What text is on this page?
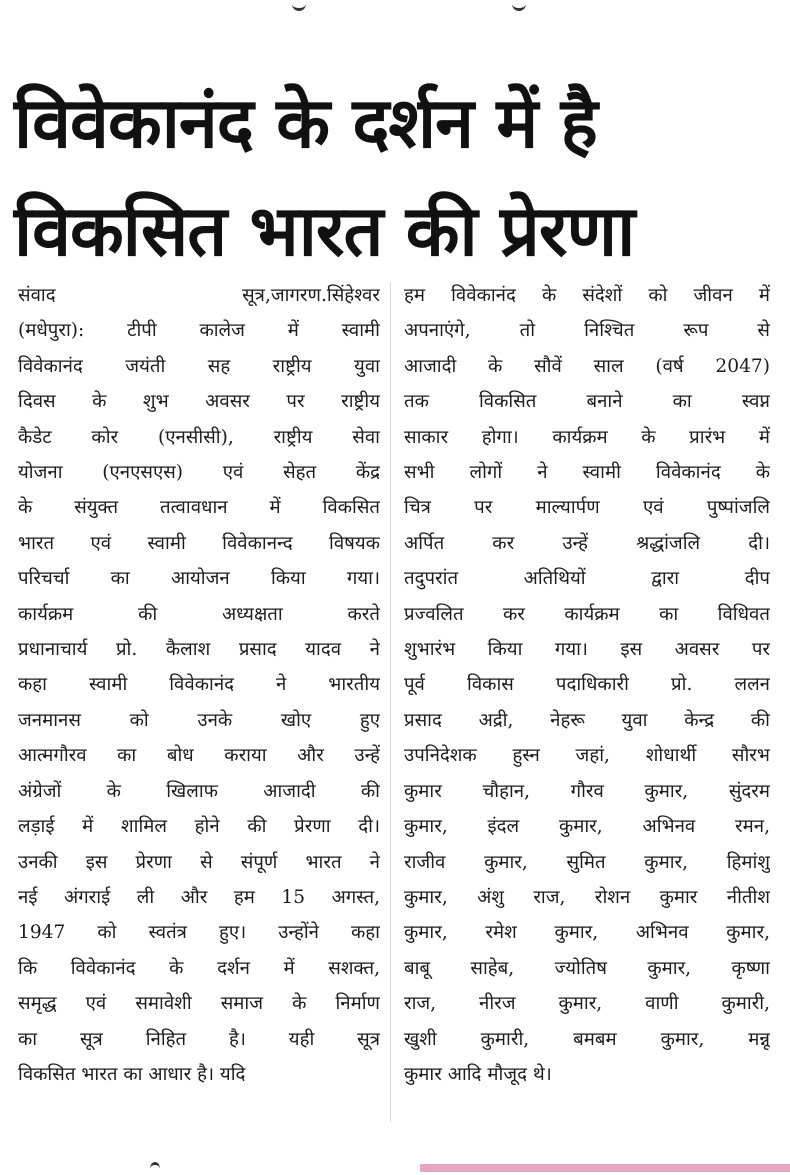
विवेकानंद के दर्शन में है
विकसित भारत की प्रेरणा
संवाद	सूत्र,जागरण.सिंहेश्वर
(मधेपुरा): टीपी कालेज में स्वामी
विवेकानंद जयंती सह राष्ट्रीय युवा
दिवस के शुभ अवसर पर राष्ट्रीय
कैडेट कोर (एनसीसी), राष्ट्रीय सेवा
योजना (एनएसएस) एवं सेहत केंद्र
के संयुक्त तत्वावधान में विकसित
भारत एवं स्वामी विवेकानन्द विषयक
परिचर्चा का आयोजन किया गया।
कार्यक्रम की अध्यक्षता करते
प्रधानाचार्य प्रो. कैलाश प्रसाद यादव ने
कहा स्वामी विवेकानंद ने भारतीय
जनमानस को उनके खोए हुए
आत्मगौरव का बोध कराया और उन्हें
अंग्रेजों के खिलाफ आजादी की
लड़ाई में शामिल होने की प्रेरणा दी।
उनकी इस प्रेरणा से संपूर्ण भारत ने
नई अंगराई ली और हम 15 अगस्त,
1947 को स्वतंत्र हुए। उन्होंने कहा
कि विवेकानंद के दर्शन में सशक्त,
समृद्ध एवं समावेशी समाज के निर्माण
का सूत्र निहित है। यही सूत्र
विकसित भारत का आधार है। यदि
हम विवेकानंद के संदेशों को जीवन में
अपनाएंगे, तो निश्चित रूप से
आजादी के सौवें साल (वर्ष 2047)
तक विकसित बनाने का स्वप्न
साकार होगा। कार्यक्रम के प्रारंभ में
सभी लोगों ने स्वामी विवेकानंद के
चित्र पर माल्यार्पण एवं पुष्पांजलि
अर्पित कर उन्हें श्रद्धांजलि दी।
तदुपरांत अतिथियों द्वारा दीप
प्रज्वलित कर कार्यक्रम का विधिवत
शुभारंभ किया गया। इस अवसर पर
पूर्व विकास पदाधिकारी प्रो. ललन
प्रसाद अद्री, नेहरू युवा केन्द्र की
उपनिदेशक हुस्न जहां, शोधार्थी सौरभ
कुमार चौहान, गौरव कुमार, सुंदरम
कुमार, इंदल कुमार, अभिनव रमन,
राजीव कुमार, सुमित कुमार, हिमांशु
कुमार, अंशु राज, रोशन कुमार नीतीश
कुमार, रमेश कुमार, अभिनव कुमार,
बाबू साहेब, ज्योतिष कुमार, कृष्णा
राज, नीरज कुमार, वाणी कुमारी,
खुशी कुमारी, बमबम कुमार, मन्नू
कुमार आदि मौजूद थे।
